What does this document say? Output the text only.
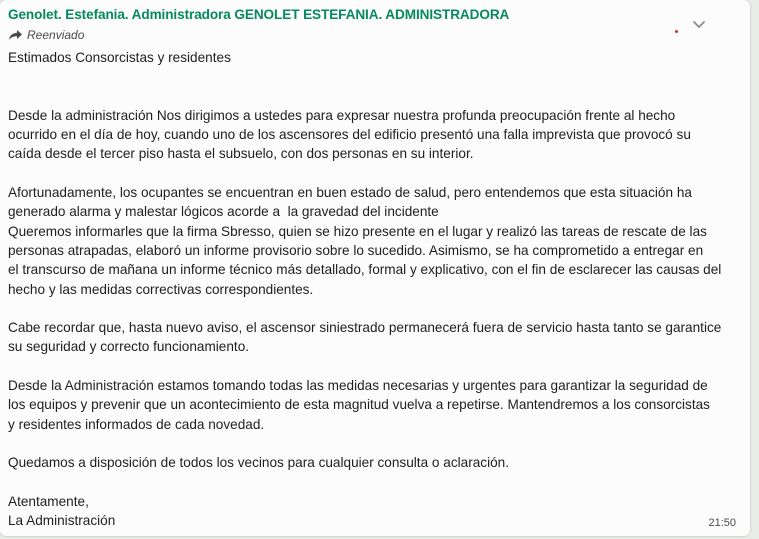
Genolet. Estefania. Administradora GENOLET ESTEFANIA. ADMINISTRADORA
Reenviado

Estimados Consorcistas y residentes

Desde la administración Nos dirigimos a ustedes para expresar nuestra profunda preocupación frente al hecho
ocurrido en el día de hoy, cuando uno de los ascensores del edificio presentó una falla imprevista que provocó su
caída desde el tercer piso hasta el subsuelo, con dos personas en su interior.

Afortunadamente, los ocupantes se encuentran en buen estado de salud, pero entendemos que esta situación ha
generado alarma y malestar lógicos acorde a  la gravedad del incidente
Queremos informarles que la firma Sbresso, quien se hizo presente en el lugar y realizó las tareas de rescate de las
personas atrapadas, elaboró un informe provisorio sobre lo sucedido. Asimismo, se ha comprometido a entregar en
el transcurso de mañana un informe técnico más detallado, formal y explicativo, con el fin de esclarecer las causas del
hecho y las medidas correctivas correspondientes.

Cabe recordar que, hasta nuevo aviso, el ascensor siniestrado permanecerá fuera de servicio hasta tanto se garantice
su seguridad y correcto funcionamiento.

Desde la Administración estamos tomando todas las medidas necesarias y urgentes para garantizar la seguridad de
los equipos y prevenir que un acontecimiento de esta magnitud vuelva a repetirse. Mantendremos a los consorcistas
y residentes informados de cada novedad.

Quedamos a disposición de todos los vecinos para cualquier consulta o aclaración.

Atentamente,

La Administración	21:50
